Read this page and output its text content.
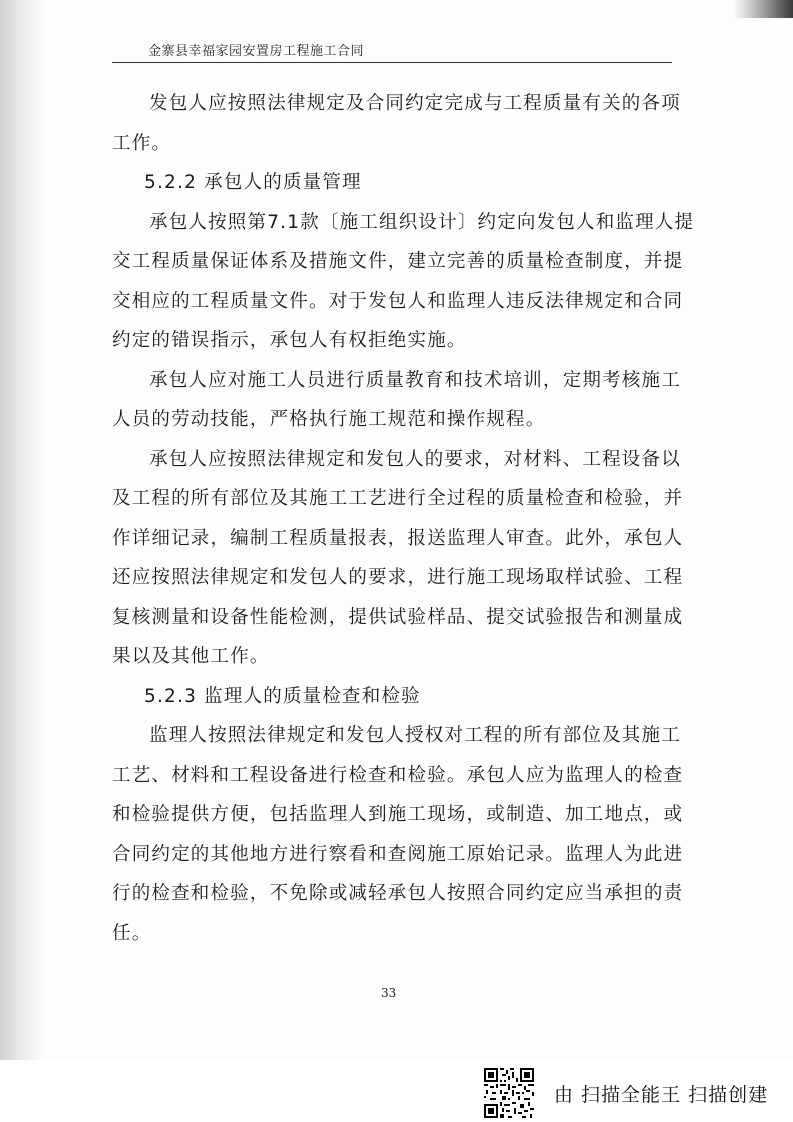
金寨县幸福家园安置房工程施工合同
发包人应按照法律规定及合同约定完成与工程质量有关的各项
工作。
5.2.2 承包人的质量管理
承包人按照第7.1款〔施工组织设计〕约定向发包人和监理人提
交工程质量保证体系及措施文件，建立完善的质量检查制度，并提
交相应的工程质量文件。对于发包人和监理人违反法律规定和合同
约定的错误指示，承包人有权拒绝实施。
承包人应对施工人员进行质量教育和技术培训，定期考核施工
人员的劳动技能，严格执行施工规范和操作规程。
承包人应按照法律规定和发包人的要求，对材料、工程设备以
及工程的所有部位及其施工工艺进行全过程的质量检查和检验，并
作详细记录，编制工程质量报表，报送监理人审查。此外，承包人
还应按照法律规定和发包人的要求，进行施工现场取样试验、工程
复核测量和设备性能检测，提供试验样品、提交试验报告和测量成
果以及其他工作。
5.2.3 监理人的质量检查和检验
监理人按照法律规定和发包人授权对工程的所有部位及其施工
工艺、材料和工程设备进行检查和检验。承包人应为监理人的检查
和检验提供方便，包括监理人到施工现场，或制造、加工地点，或
合同约定的其他地方进行察看和查阅施工原始记录。监理人为此进
行的检查和检验，不免除或减轻承包人按照合同约定应当承担的责
任。
33
由 扫描全能王 扫描创建
